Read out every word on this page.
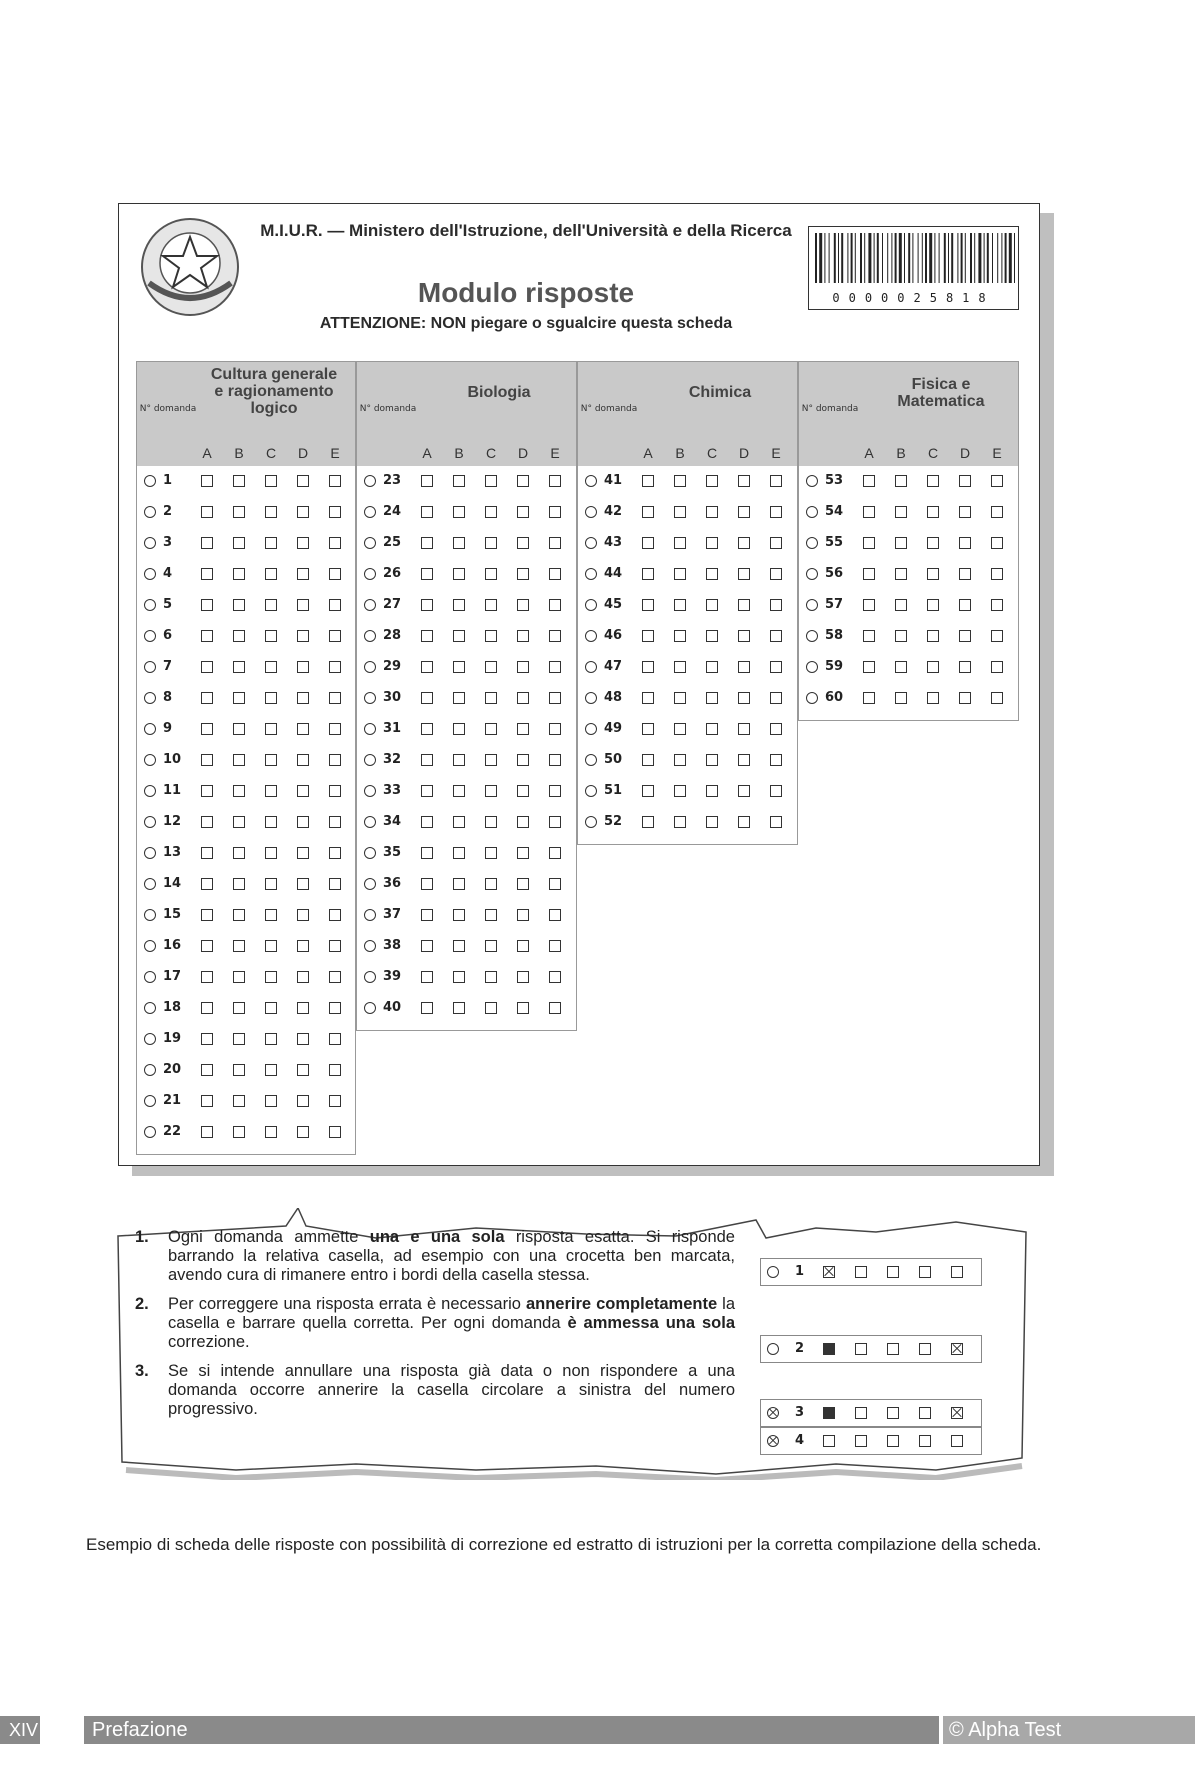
M.I.U.R. — Ministero dell'Istruzione, dell'Università e della Ricerca
Modulo risposte
ATTENZIONE: NON piegare o sgualcire questa scheda
0000025818
Cultura generale e ragionamento logico
N° domanda
A B C D E
1
2
3
4
5
6
7
8
9
10
11
12
13
14
15
16
17
18
19
20
21
22
Biologia
N° domanda
A B C D E
23
24
25
26
27
28
29
30
31
32
33
34
35
36
37
38
39
40
Chimica
N° domanda
A B C D E
41
42
43
44
45
46
47
48
49
50
51
52
Fisica e Matematica
N° domanda
A B C D E
53
54
55
56
57
58
59
60
1. Ogni domanda ammette una e una sola risposta esatta. Si risponde barrando la relativa casella, ad esempio con una crocetta ben marcata, avendo cura di rimanere entro i bordi della casella stessa.
2. Per correggere una risposta errata è necessario annerire completamente la casella e barrare quella corretta. Per ogni domanda è ammessa una sola correzione.
3. Se si intende annullare una risposta già data o non rispondere a una domanda occorre annerire la casella circolare a sinistra del numero progressivo.
1
2
3
4
Esempio di scheda delle risposte con possibilità di correzione ed estratto di istruzioni per la corretta compilazione della scheda.
XIV	Prefazione	© Alpha Test
